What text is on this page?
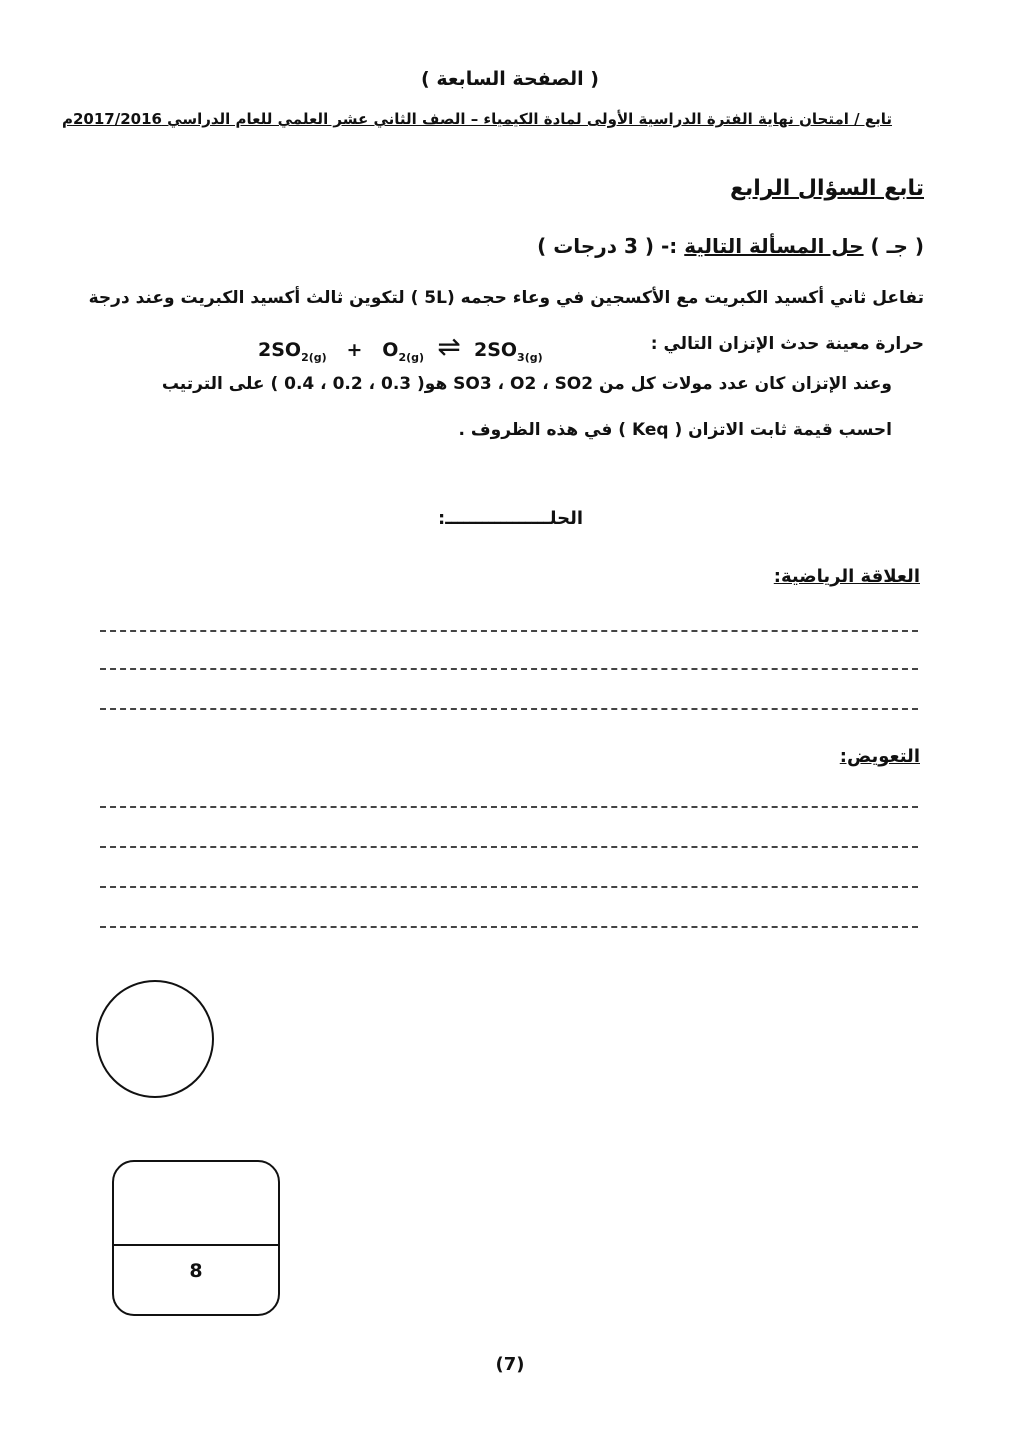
( الصفحة السابعة )
تابع / امتحان نهاية الفترة الدراسية الأولى لمادة الكيمياء – الصف الثاني عشر العلمي للعام الدراسي 2017/2016م
تابع السؤال الرابع
( جـ ) حل المسألة التالية :- ( 3 درجات )
تفاعل ثاني أكسيد الكبريت مع الأكسجين في وعاء حجمه (5L ) لتكوين ثالث أكسيد الكبريت وعند درجة
حرارة معينة حدث الإتزان التالي :
$2SO_{2(g)} + O_{2(g)}$ ⇌ $2SO_{3(g)}$
وعند الإتزان كان عدد مولات كل من SO3 ، O2 ، SO2 هو( 0.3 ، 0.2 ، 0.4 ) على الترتيب
احسب قيمة ثابت الاتزان ( Keq ) في هذه الظروف .
الحلـــــــــــــــــ:
العلاقة الرياضية:
التعويض:
8
(7)
